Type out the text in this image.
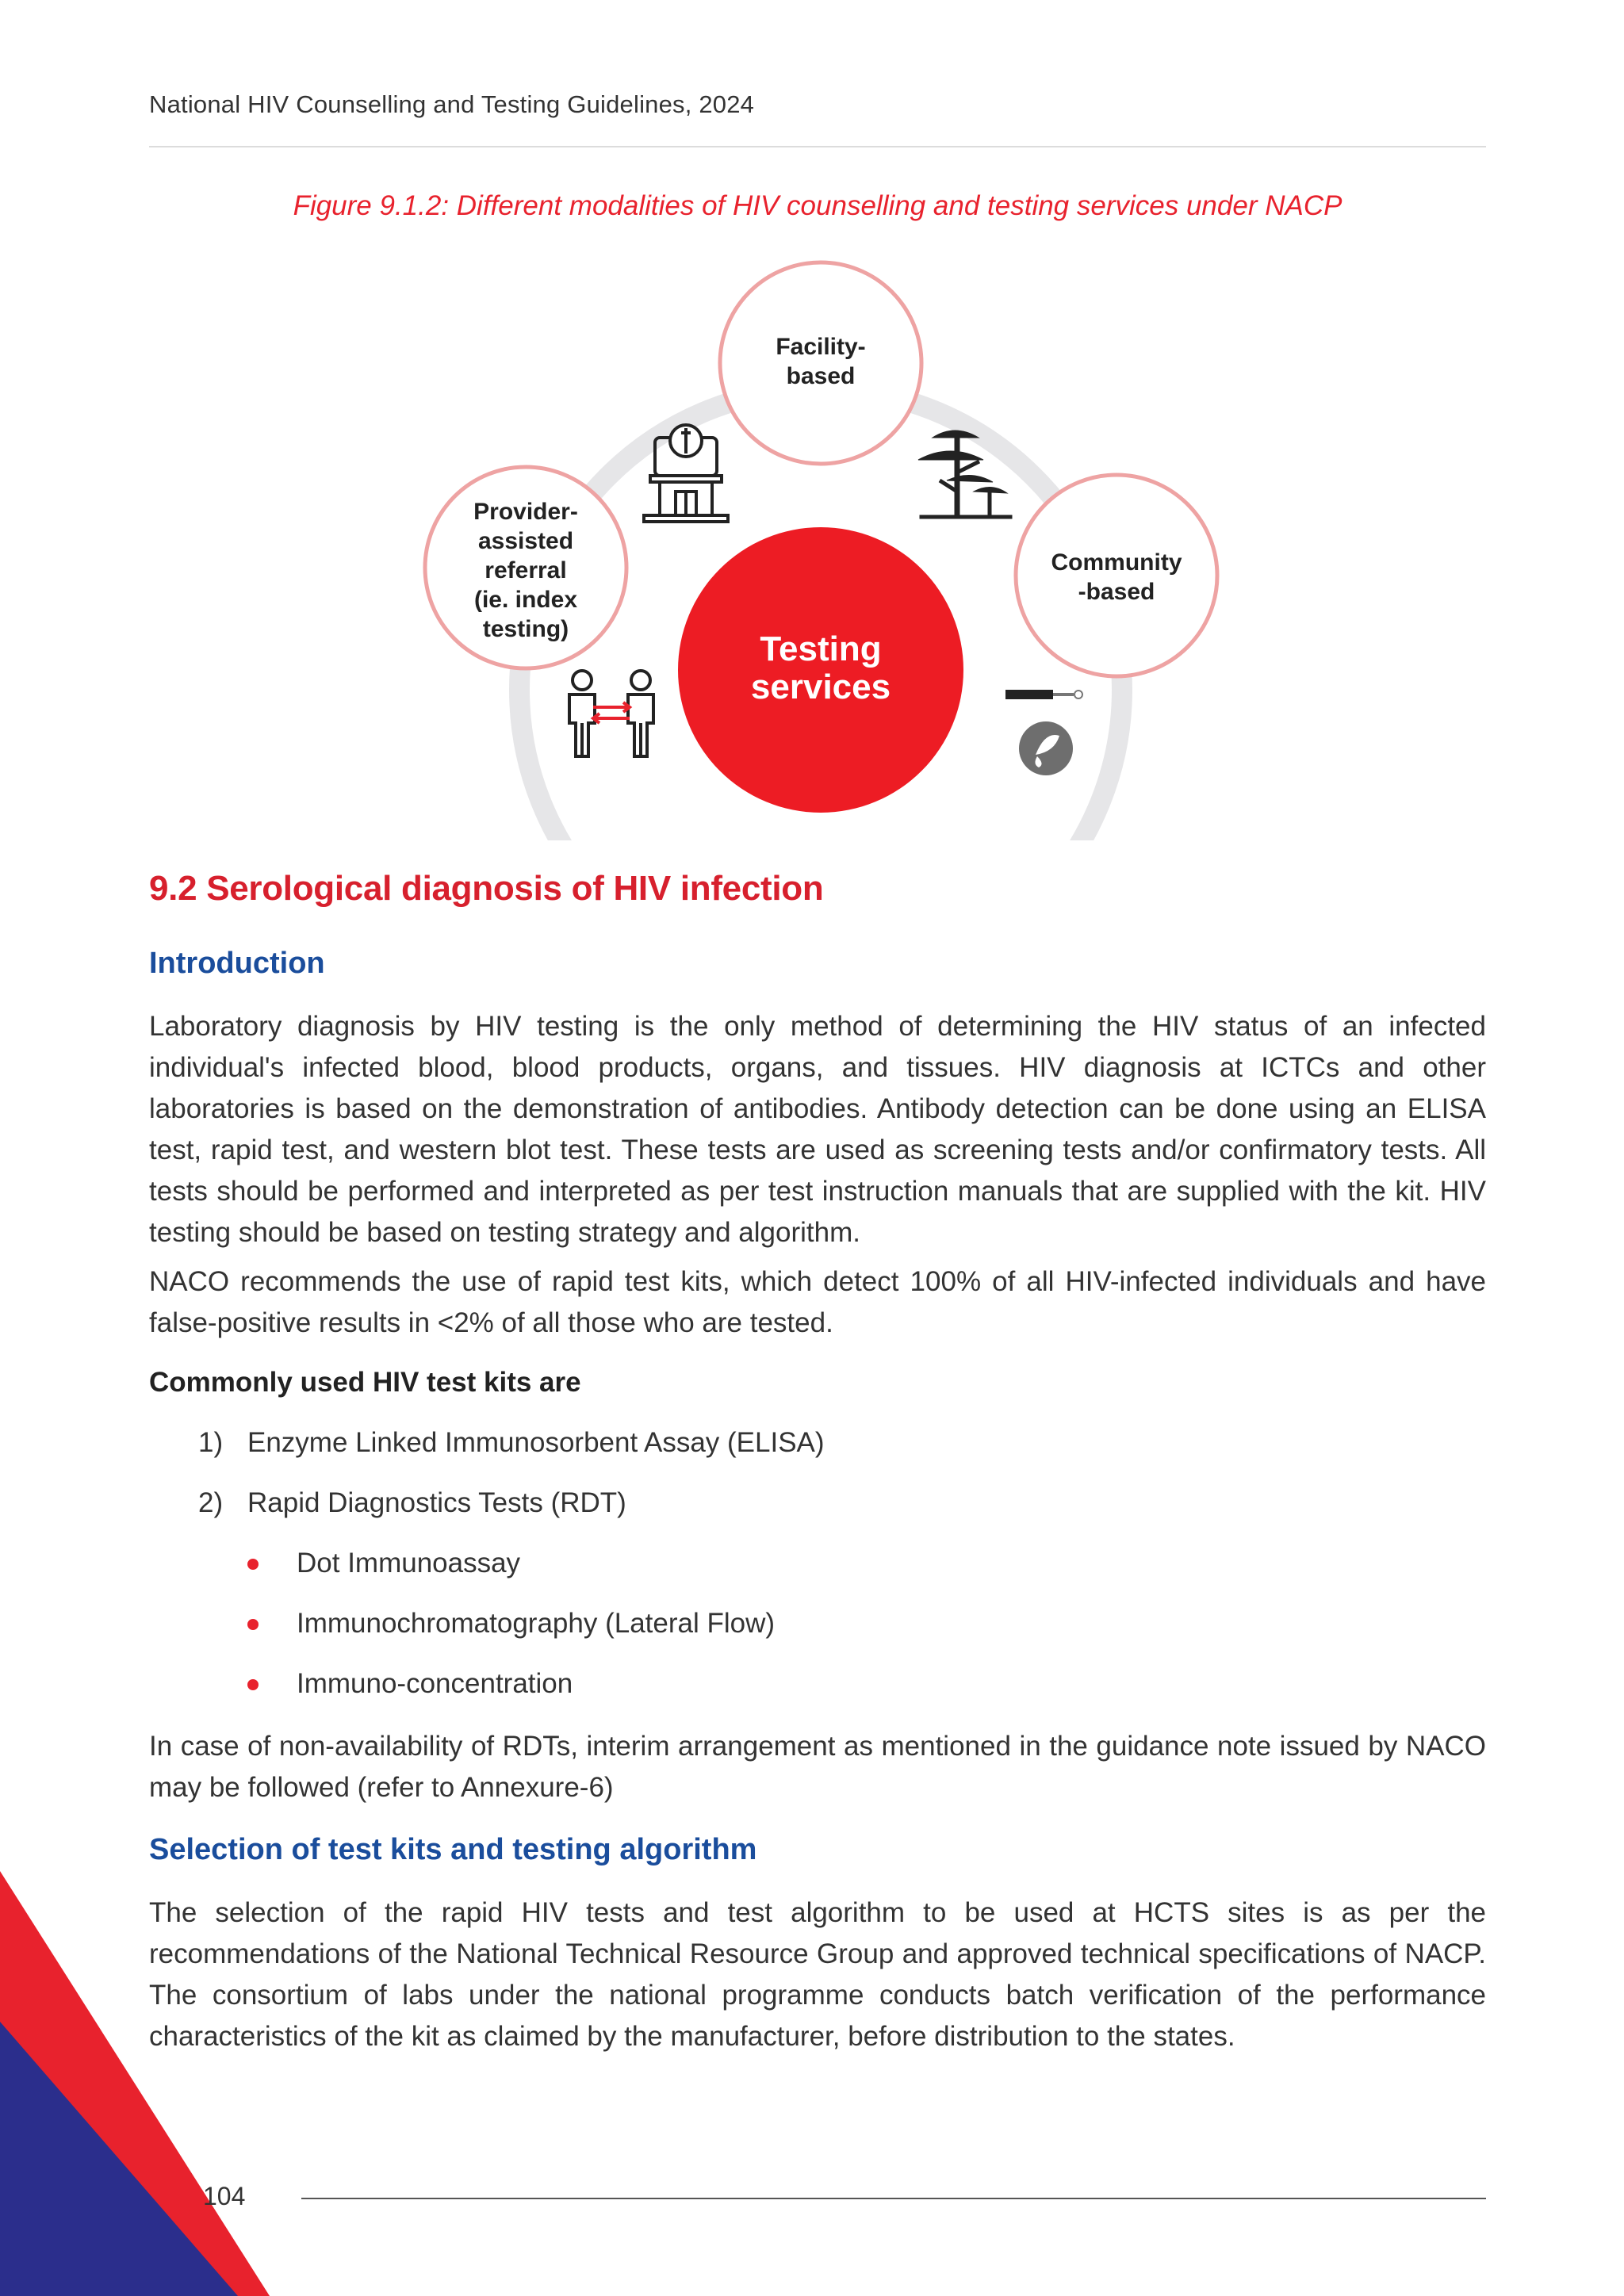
National HIV Counselling and Testing Guidelines, 2024
Figure 9.1.2: Different modalities of HIV counselling and testing services under NACP
Testing
services
Facility-
based
Community
-based
Provider-
assisted
referral
(ie. index
testing)
9.2 Serological diagnosis of HIV infection
Introduction
Laboratory diagnosis by HIV testing is the only method of determining the HIV status of an infected individual's infected blood, blood products, organs, and tissues. HIV diagnosis at ICTCs and other laboratories is based on the demonstration of antibodies. Antibody detection can be done using an ELISA test, rapid test, and western blot test. These tests are used as screening tests and/or confirmatory tests. All tests should be performed and interpreted as per test instruction manuals that are supplied with the kit. HIV testing should be based on testing strategy and algorithm.
NACO recommends the use of rapid test kits, which detect 100% of all HIV-infected individuals and have false-positive results in <2% of all those who are tested.
Commonly used HIV test kits are
1) Enzyme Linked Immunosorbent Assay (ELISA)
2) Rapid Diagnostics Tests (RDT)
Dot Immunoassay
Immunochromatography (Lateral Flow)
Immuno-concentration
In case of non-availability of RDTs, interim arrangement as mentioned in the guidance note issued by NACO may be followed (refer to Annexure-6)
Selection of test kits and testing algorithm
The selection of the rapid HIV tests and test algorithm to be used at HCTS sites is as per the recommendations of the National Technical Resource Group and approved technical specifications of NACP. The consortium of labs under the national programme conducts batch verification of the performance characteristics of the kit as claimed by the manufacturer, before distribution to the states.
104
